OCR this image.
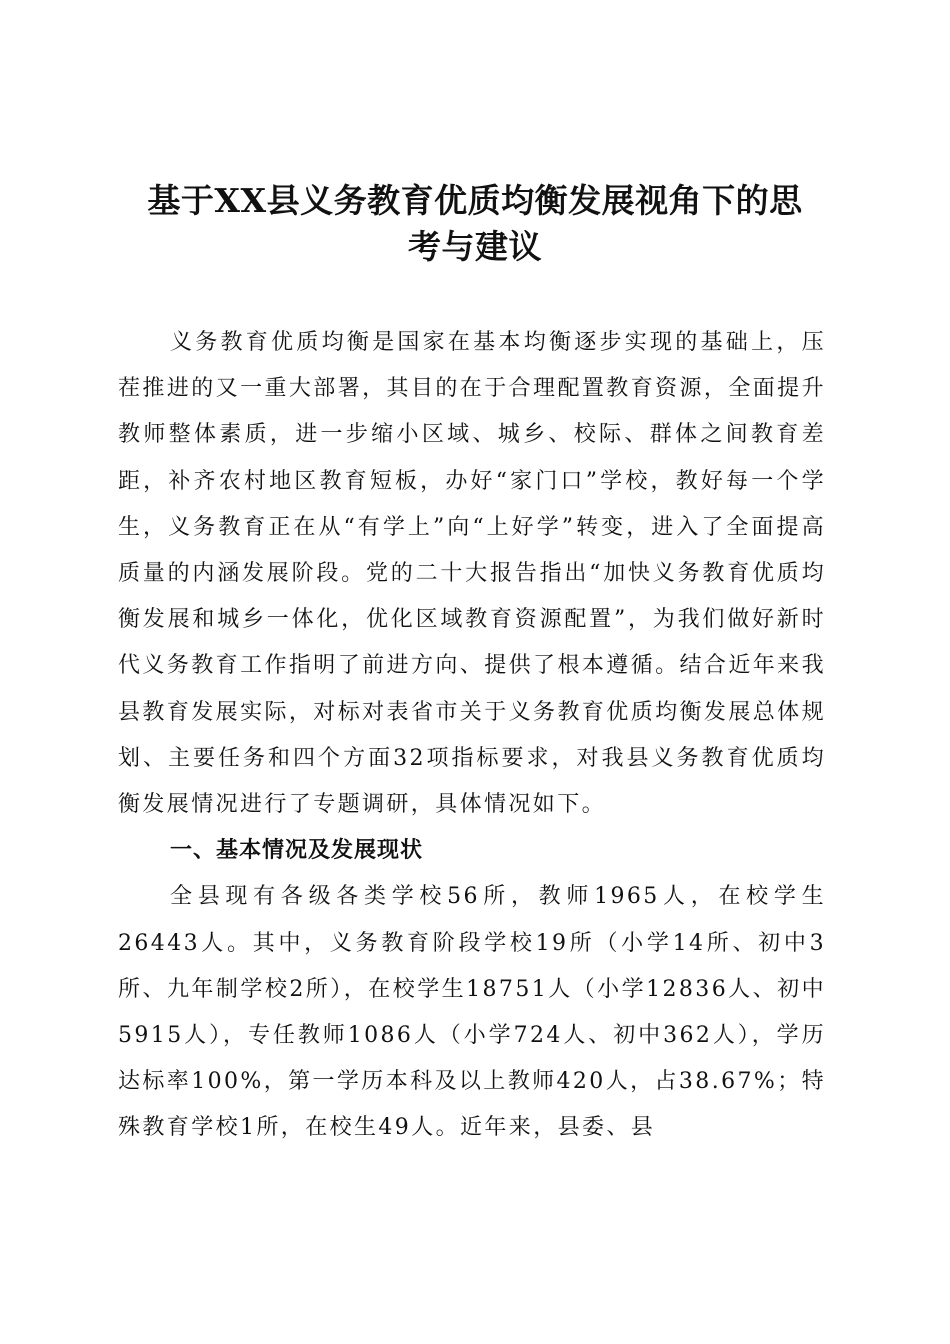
基于XX县义务教育优质均衡发展视角下的思
考与建议

义务教育优质均衡是国家在基本均衡逐步实现的基础上，压茬推进的又一重大部署，其目的在于合理配置教育资源，全面提升教师整体素质，进一步缩小区域、城乡、校际、群体之间教育差距，补齐农村地区教育短板，办好“家门口”学校，教好每一个学生，义务教育正在从“有学上”向“上好学”转变，进入了全面提高质量的内涵发展阶段。党的二十大报告指出“加快义务教育优质均衡发展和城乡一体化，优化区域教育资源配置”，为我们做好新时代义务教育工作指明了前进方向、提供了根本遵循。结合近年来我县教育发展实际，对标对表省市关于义务教育优质均衡发展总体规划、主要任务和四个方面32项指标要求，对我县义务教育优质均衡发展情况进行了专题调研，具体情况如下。

一、基本情况及发展现状

全县现有各级各类学校56所，教师1965人，在校学生26443人。其中，义务教育阶段学校19所（小学14所、初中3所、九年制学校2所），在校学生18751人（小学12836人、初中5915人），专任教师1086人（小学724人、初中362人），学历达标率100%，第一学历本科及以上教师420人，占38.67%；特殊教育学校1所，在校生49人。近年来，县委、县
